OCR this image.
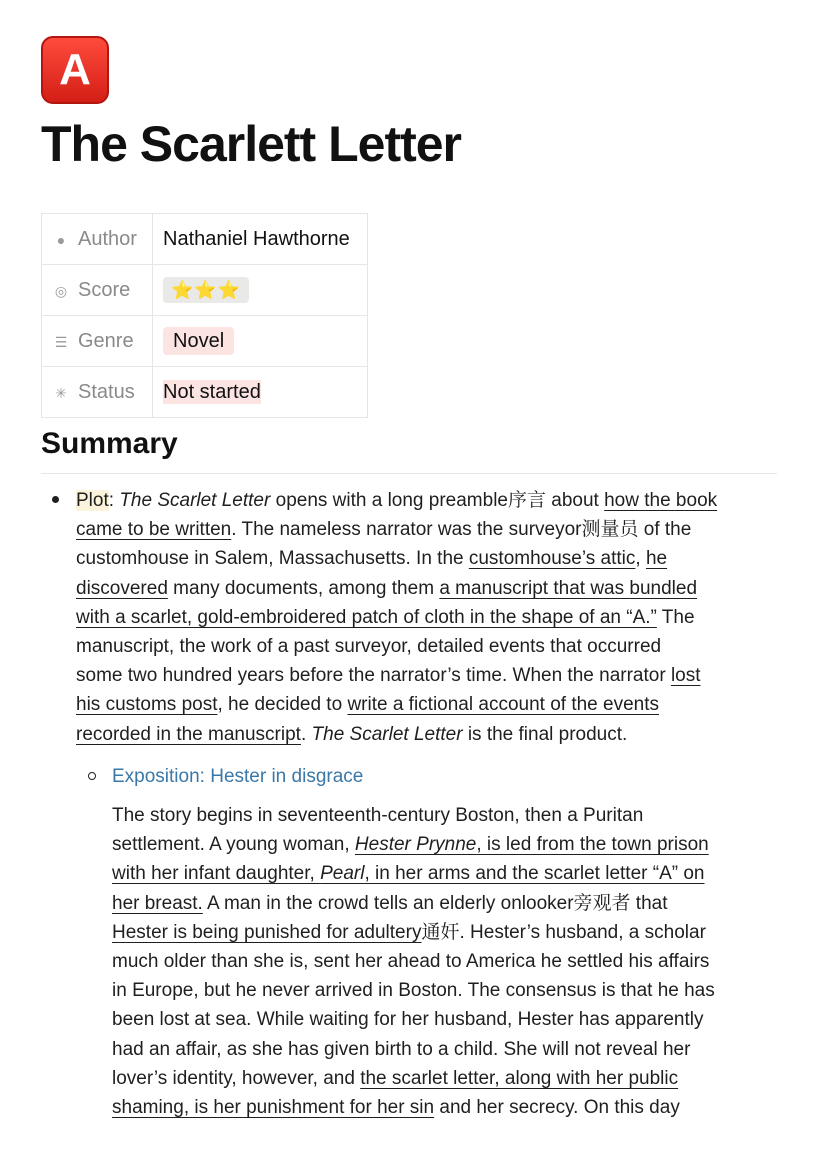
A
The Scarlett Letter
● Author	Nathaniel Hawthorne
◎ Score	⭐⭐⭐
☰ Genre	Novel
✳ Status	Not started
Summary
Plot: The Scarlet Letter opens with a long preamble序言 about how the book
came to be written. The nameless narrator was the surveyor测量员 of the
customhouse in Salem, Massachusetts. In the customhouse’s attic, he
discovered many documents, among them a manuscript that was bundled
with a scarlet, gold-embroidered patch of cloth in the shape of an “A.” The
manuscript, the work of a past surveyor, detailed events that occurred
some two hundred years before the narrator’s time. When the narrator lost
his customs post, he decided to write a fictional account of the events
recorded in the manuscript. The Scarlet Letter is the final product.
Exposition: Hester in disgrace
The story begins in seventeenth-century Boston, then a Puritan
settlement. A young woman, Hester Prynne, is led from the town prison
with her infant daughter, Pearl, in her arms and the scarlet letter “A” on
her breast. A man in the crowd tells an elderly onlooker旁观者 that
Hester is being punished for adultery通奸. Hester’s husband, a scholar
much older than she is, sent her ahead to America he settled his affairs
in Europe, but he never arrived in Boston. The consensus is that he has
been lost at sea. While waiting for her husband, Hester has apparently
had an affair, as she has given birth to a child. She will not reveal her
lover’s identity, however, and the scarlet letter, along with her public
shaming, is her punishment for her sin and her secrecy. On this day
